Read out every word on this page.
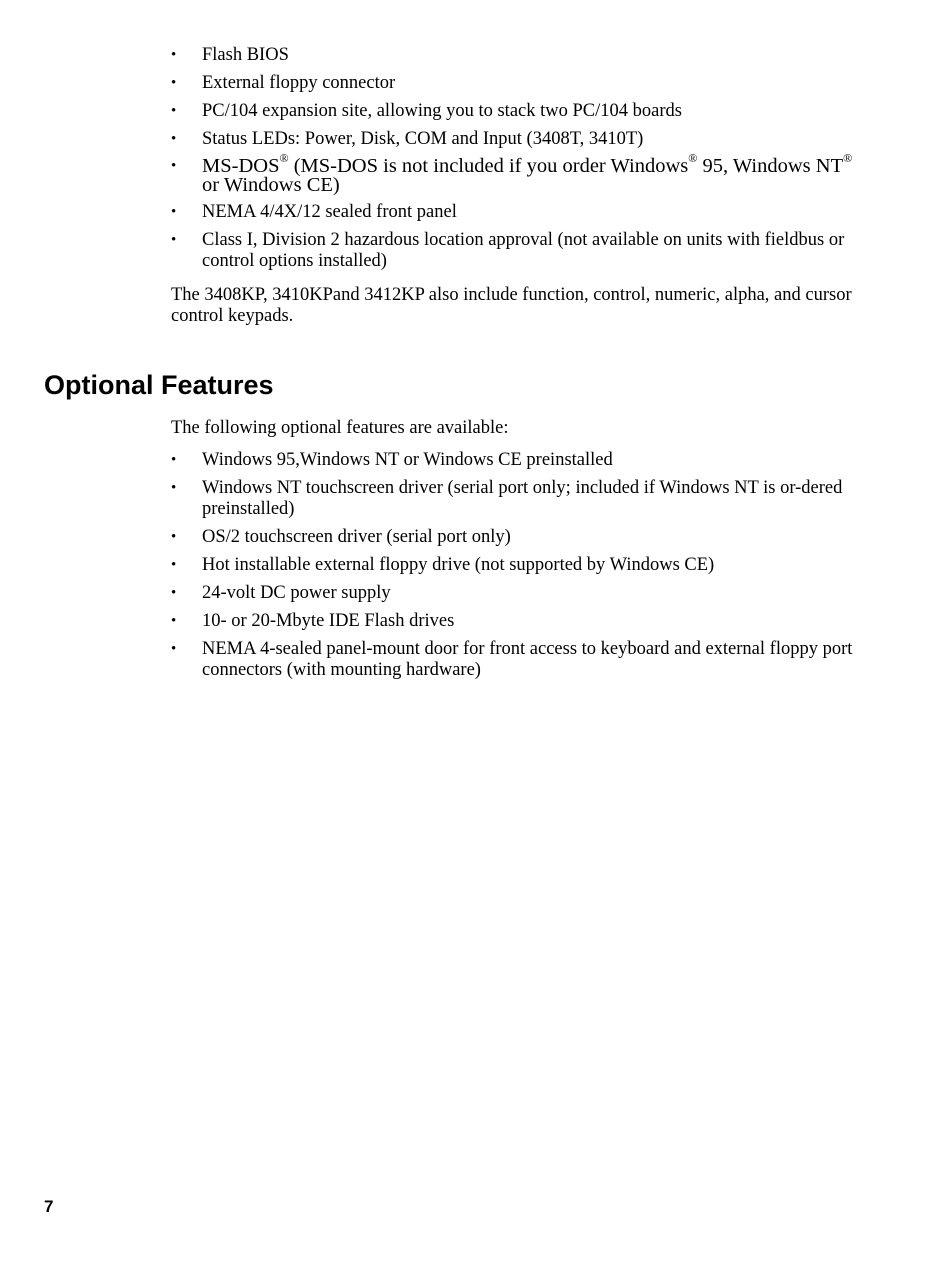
• Flash BIOS
• External floppy connector
• PC/104 expansion site, allowing you to stack two PC/104 boards
• Status LEDs: Power, Disk, COM and Input (3408T, 3410T)
• MS-DOS® (MS-DOS is not included if you order Windows® 95, Windows NT® or Windows CE)
• NEMA 4/4X/12 sealed front panel
• Class I, Division 2 hazardous location approval (not available on units with fieldbus or control options installed)

The 3408KP, 3410KPand 3412KP also include function, control, numeric, alpha, and cursor control keypads.

Optional Features

The following optional features are available:

• Windows 95,Windows NT or Windows CE preinstalled
• Windows NT touchscreen driver (serial port only; included if Windows NT is or-dered preinstalled)
• OS/2 touchscreen driver (serial port only)
• Hot installable external floppy drive (not supported by Windows CE)
• 24-volt DC power supply
• 10- or 20-Mbyte IDE Flash drives
• NEMA 4-sealed panel-mount door for front access to keyboard and external floppy port connectors (with mounting hardware)
7
